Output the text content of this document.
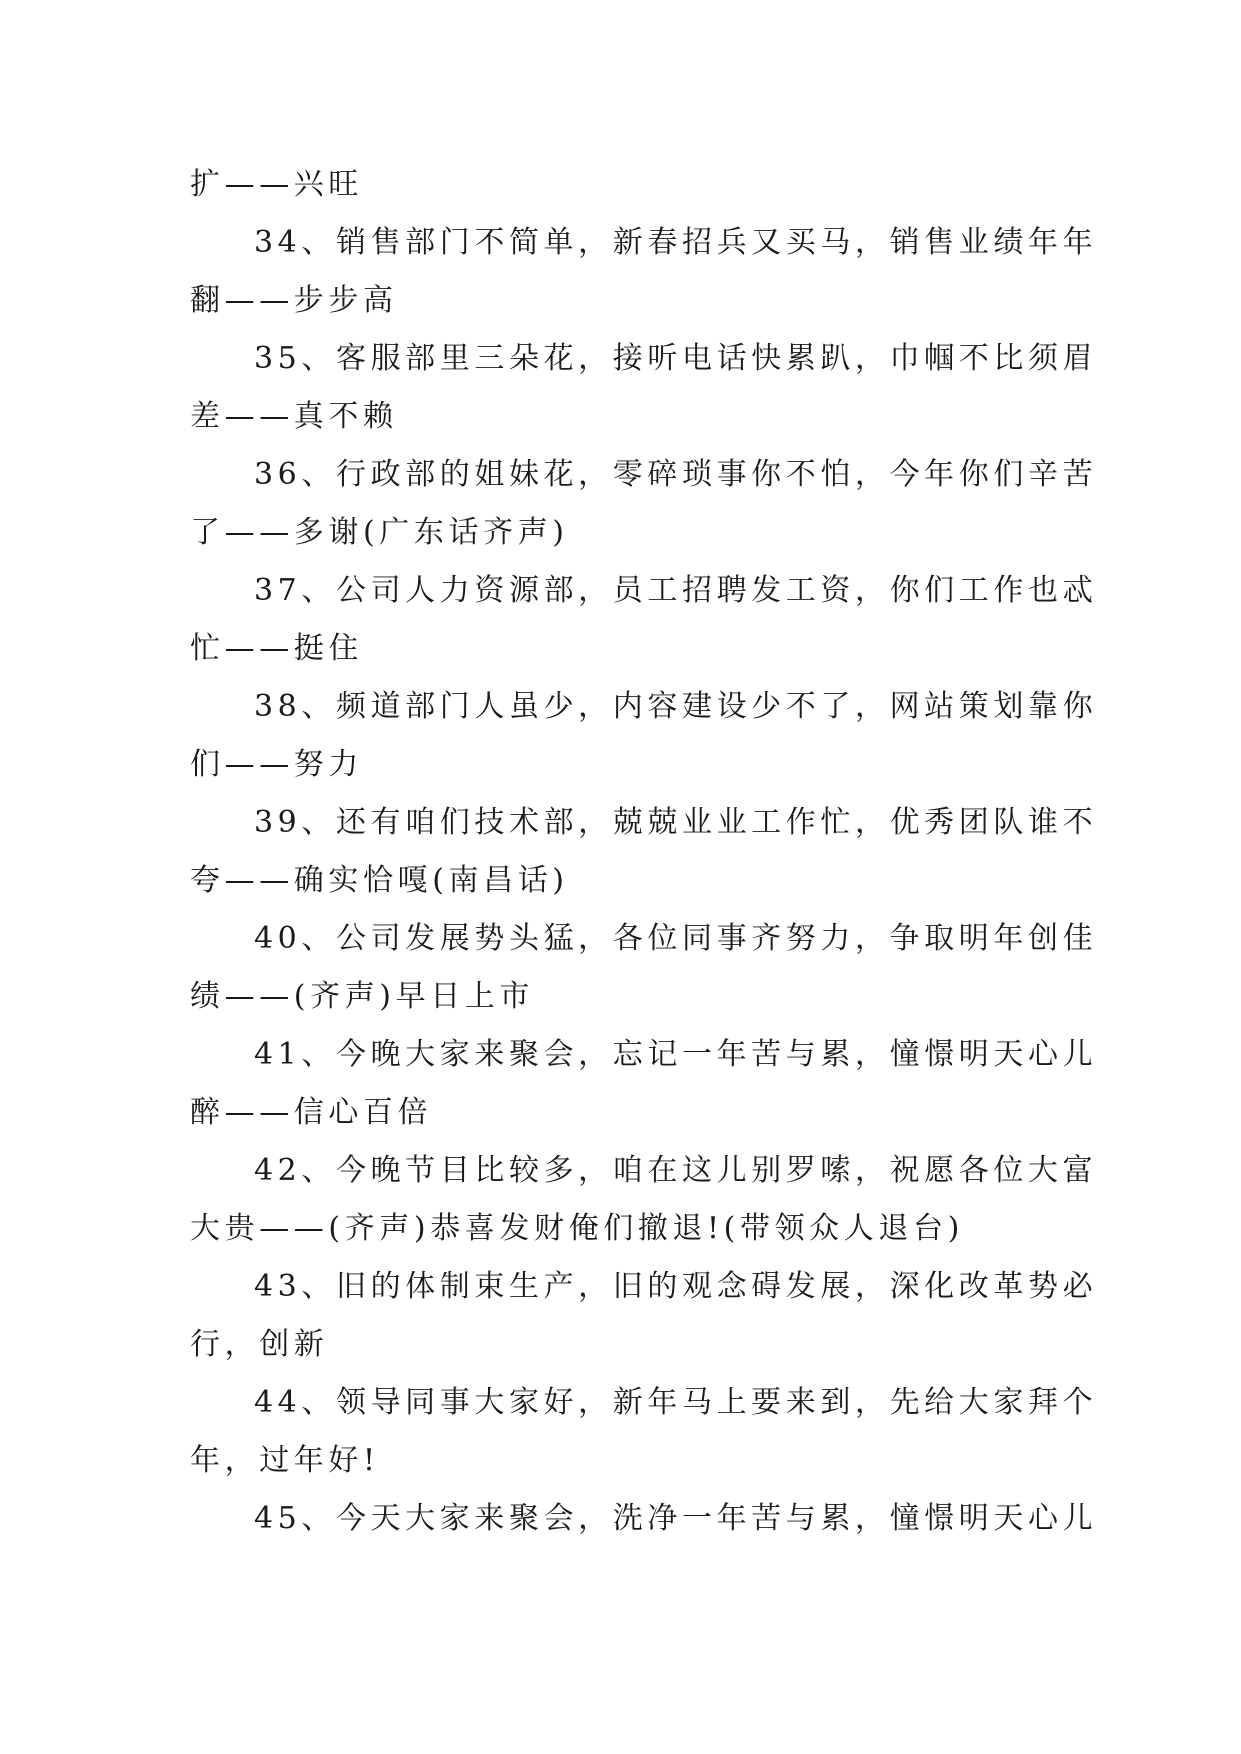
扩——兴旺

34、销售部门不简单，新春招兵又买马，销售业绩年年
翻——步步高
35、客服部里三朵花，接听电话快累趴，巾帼不比须眉
差——真不赖
36、行政部的姐妹花，零碎琐事你不怕，今年你们辛苦
了——多谢(广东话齐声)
37、公司人力资源部，员工招聘发工资，你们工作也忒
忙——挺住
38、频道部门人虽少，内容建设少不了，网站策划靠你
们——努力
39、还有咱们技术部，兢兢业业工作忙，优秀团队谁不
夸——确实恰嘎(南昌话)
40、公司发展势头猛，各位同事齐努力，争取明年创佳
绩——(齐声)早日上市
41、今晚大家来聚会，忘记一年苦与累，憧憬明天心儿
醉——信心百倍
42、今晚节目比较多，咱在这儿别罗嗦，祝愿各位大富
大贵——(齐声)恭喜发财俺们撤退!(带领众人退台)
43、旧的体制束生产，旧的观念碍发展，深化改革势必
行，创新
44、领导同事大家好，新年马上要来到，先给大家拜个
年，过年好!
45、今天大家来聚会，洗净一年苦与累，憧憬明天心儿
